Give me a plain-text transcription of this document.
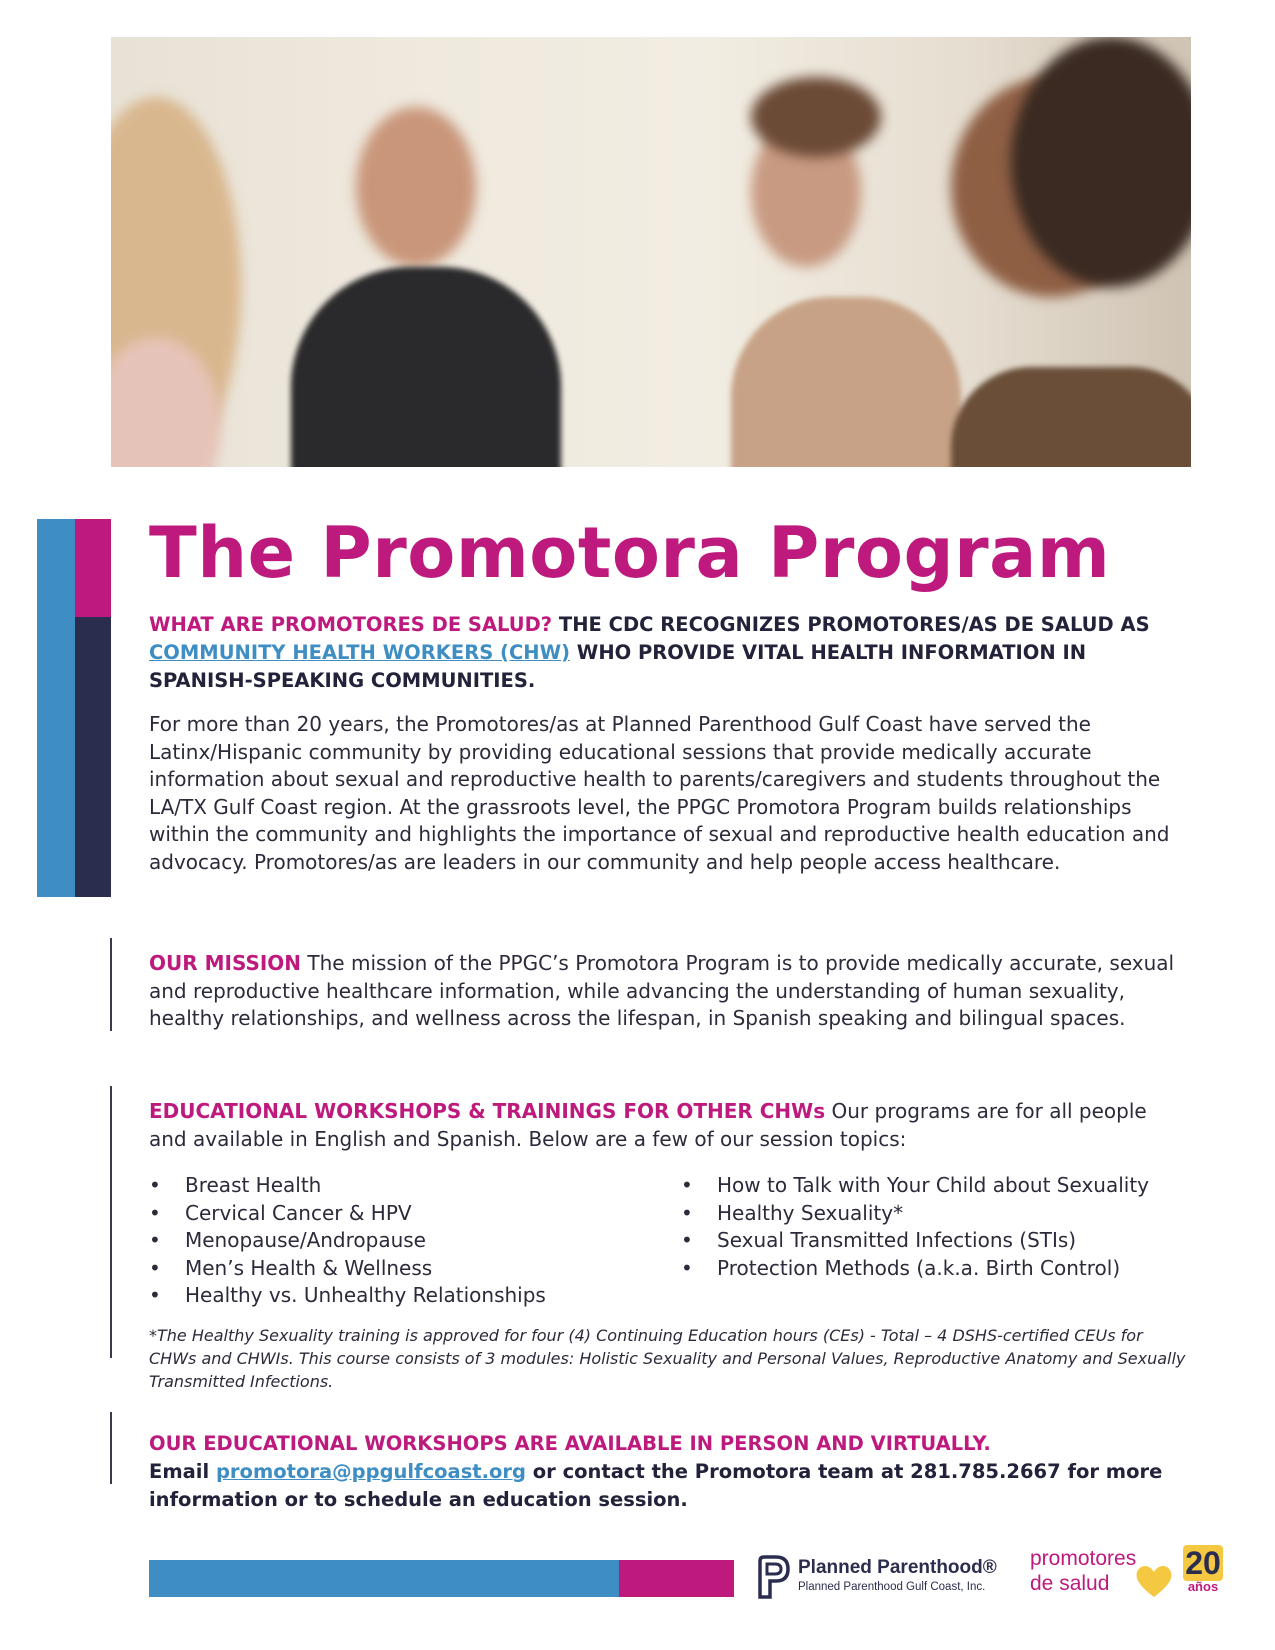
The Promotora Program
WHAT ARE PROMOTORES DE SALUD? THE CDC RECOGNIZES PROMOTORES/AS DE SALUD AS COMMUNITY HEALTH WORKERS (CHW) WHO PROVIDE VITAL HEALTH INFORMATION IN SPANISH-SPEAKING COMMUNITIES.
For more than 20 years, the Promotores/as at Planned Parenthood Gulf Coast have served the Latinx/Hispanic community by providing educational sessions that provide medically accurate information about sexual and reproductive health to parents/caregivers and students throughout the LA/TX Gulf Coast region. At the grassroots level, the PPGC Promotora Program builds relationships within the community and highlights the importance of sexual and reproductive health education and advocacy. Promotores/as are leaders in our community and help people access healthcare.
OUR MISSION The mission of the PPGC’s Promotora Program is to provide medically accurate, sexual and reproductive healthcare information, while advancing the understanding of human sexuality, healthy relationships, and wellness across the lifespan, in Spanish speaking and bilingual spaces.
EDUCATIONAL WORKSHOPS & TRAININGS FOR OTHER CHWs Our programs are for all people and available in English and Spanish. Below are a few of our session topics:
• Breast Health
• Cervical Cancer & HPV
• Menopause/Andropause
• Men’s Health & Wellness
• Healthy vs. Unhealthy Relationships
• How to Talk with Your Child about Sexuality
• Healthy Sexuality*
• Sexual Transmitted Infections (STIs)
• Protection Methods (a.k.a. Birth Control)
*The Healthy Sexuality training is approved for four (4) Continuing Education hours (CEs) - Total – 4 DSHS-certified CEUs for CHWs and CHWIs. This course consists of 3 modules: Holistic Sexuality and Personal Values, Reproductive Anatomy and Sexually Transmitted Infections.
OUR EDUCATIONAL WORKSHOPS ARE AVAILABLE IN PERSON AND VIRTUALLY.
Email promotora@ppgulfcoast.org or contact the Promotora team at 281.785.2667 for more information or to schedule an education session.
Planned Parenthood®
Planned Parenthood Gulf Coast, Inc.
promotores
de salud
20
años
